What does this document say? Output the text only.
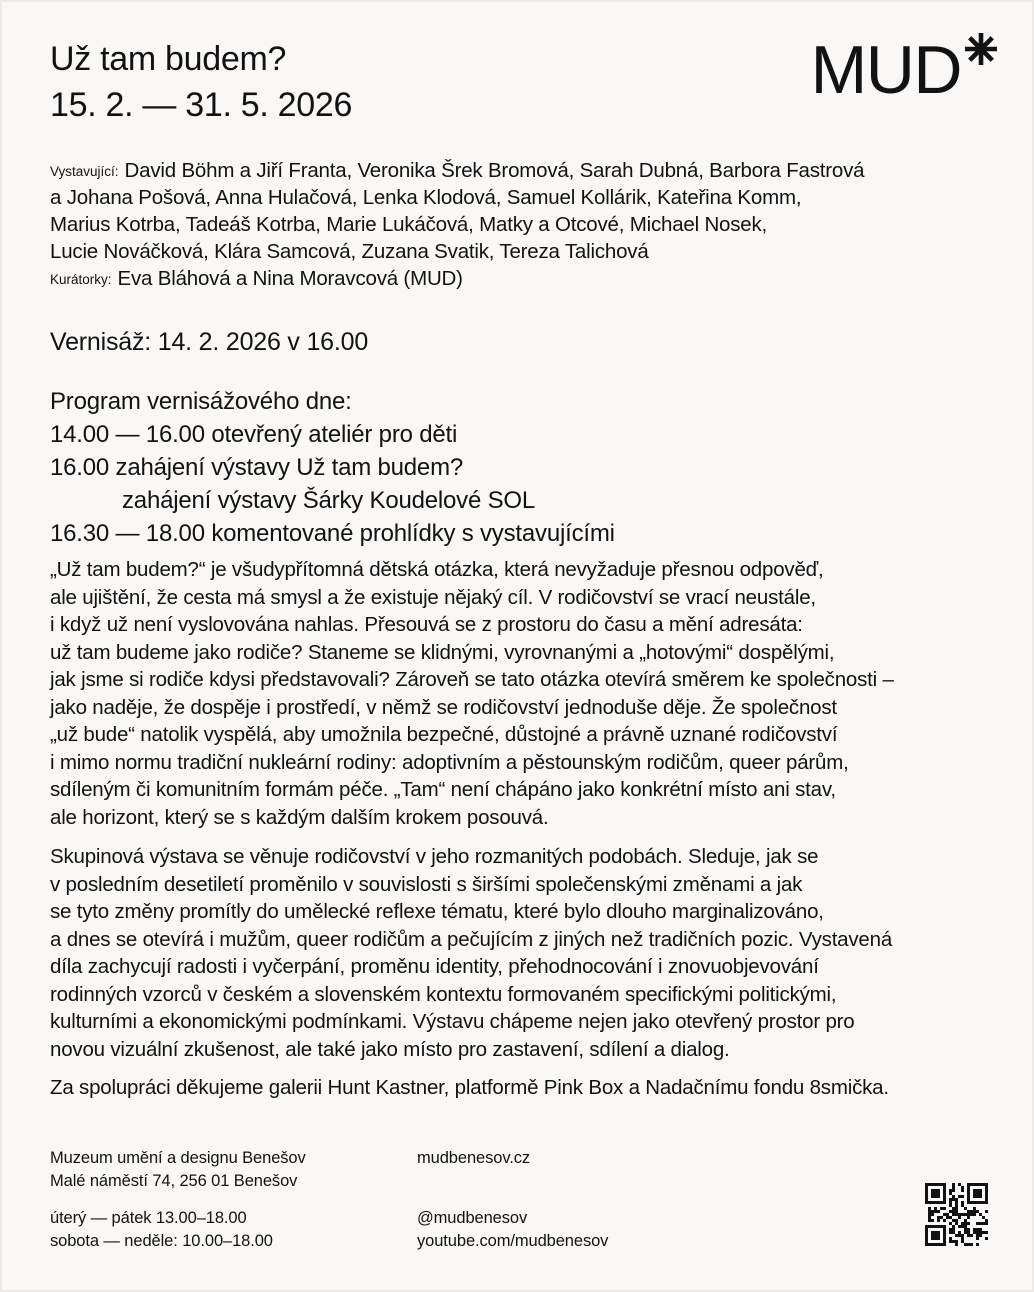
Už tam budem?
15. 2. — 31. 5. 2026	MUD
$^{Vystavující:}$ David Böhm a Jiří Franta, Veronika Šrek Bromová, Sarah Dubná, Barbora Fastrová
a Johana Pošová, Anna Hulačová, Lenka Klodová, Samuel Kollárik, Kateřina Komm,
Marius Kotrba, Tadeáš Kotrba, Marie Lukáčová, Matky a Otcové, Michael Nosek,
Lucie Nováčková, Klára Samcová, Zuzana Svatik, Tereza Talichová
$^{Kurátorky:}$ Eva Bláhová a Nina Moravcová (MUD)
Vernisáž: 14. 2. 2026 v 16.00
Program vernisážového dne:
14.00 — 16.00 otevřený ateliér pro děti
16.00 zahájení výstavy Už tam budem?
zahájení výstavy Šárky Koudelové SOL
16.30 — 18.00 komentované prohlídky s vystavujícími
„Už tam budem?“ je všudypřítomná dětská otázka, která nevyžaduje přesnou odpověď,
ale ujištění, že cesta má smysl a že existuje nějaký cíl. V rodičovství se vrací neustále,
i když už není vyslovována nahlas. Přesouvá se z prostoru do času a mění adresáta:
už tam budeme jako rodiče? Staneme se klidnými, vyrovnanými a „hotovými“ dospělými,
jak jsme si rodiče kdysi představovali? Zároveň se tato otázka otevírá směrem ke společnosti –
jako naděje, že dospěje i prostředí, v němž se rodičovství jednoduše děje. Že společnost
„už bude“ natolik vyspělá, aby umožnila bezpečné, důstojné a právně uznané rodičovství
i mimo normu tradiční nukleární rodiny: adoptivním a pěstounským rodičům, queer párům,
sdíleným či komunitním formám péče. „Tam“ není chápáno jako konkrétní místo ani stav,
ale horizont, který se s každým dalším krokem posouvá.
Skupinová výstava se věnuje rodičovství v jeho rozmanitých podobách. Sleduje, jak se
v posledním desetiletí proměnilo v souvislosti s širšími společenskými změnami a jak
se tyto změny promítly do umělecké reflexe tématu, které bylo dlouho marginalizováno,
a dnes se otevírá i mužům, queer rodičům a pečujícím z jiných než tradičních pozic. Vystavená
díla zachycují radosti i vyčerpání, proměnu identity, přehodnocování i znovuobjevování
rodinných vzorců v českém a slovenském kontextu formovaném specifickými politickými,
kulturními a ekonomickými podmínkami. Výstavu chápeme nejen jako otevřený prostor pro
novou vizuální zkušenost, ale také jako místo pro zastavení, sdílení a dialog.
Za spolupráci děkujeme galerii Hunt Kastner, platformě Pink Box a Nadačnímu fondu 8smička.
Muzeum umění a designu Benešov
Malé náměstí 74, 256 01 Benešov
úterý — pátek 13.00–18.00
sobota — neděle: 10.00–18.00
mudbenesov.cz
@mudbenesov
youtube.com/mudbenesov
